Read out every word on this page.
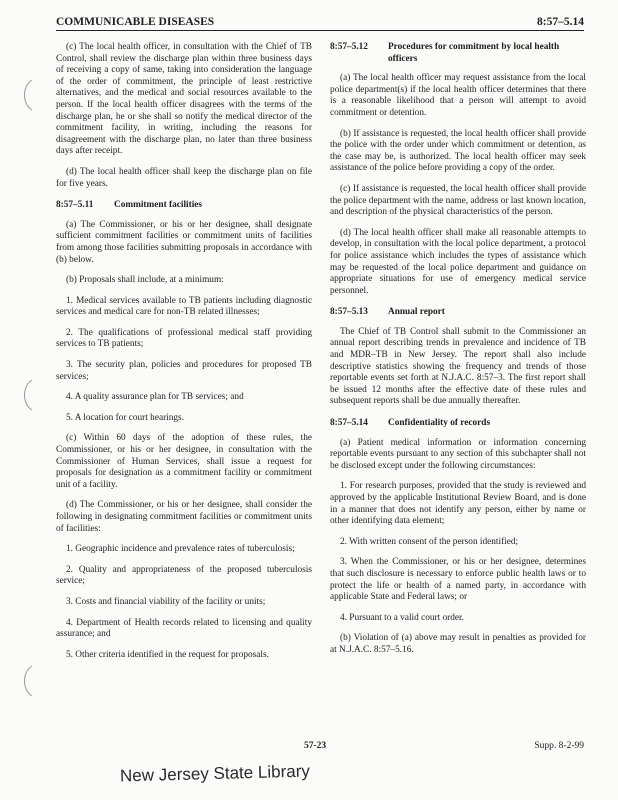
COMMUNICABLE DISEASES	8:57–5.14

(c) The local health officer, in consultation with the Chief of TB Control, shall review the discharge plan within three business days of receiving a copy of same, taking into consideration the language of the order of commitment, the principle of least restrictive alternatives, and the medical and social resources available to the person. If the local health officer disagrees with the terms of the discharge plan, he or she shall so notify the medical director of the commitment facility, in writing, including the reasons for disagreement with the discharge plan, no later than three business days after receipt.

(d) The local health officer shall keep the discharge plan on file for five years.

8:57–5.11	Commitment facilities

(a) The Commissioner, or his or her designee, shall designate sufficient commitment facilities or commitment units of facilities from among those facilities submitting proposals in accordance with (b) below.

(b) Proposals shall include, at a minimum:

1. Medical services available to TB patients including diagnostic services and medical care for non-TB related illnesses;

2. The qualifications of professional medical staff providing services to TB patients;

3. The security plan, policies and procedures for proposed TB services;

4. A quality assurance plan for TB services; and

5. A location for court hearings.

(c) Within 60 days of the adoption of these rules, the Commissioner, or his or her designee, in consultation with the Commissioner of Human Services, shall issue a request for proposals for designation as a commitment facility or commitment unit of a facility.

(d) The Commissioner, or his or her designee, shall consider the following in designating commitment facilities or commitment units of facilities:

1. Geographic incidence and prevalence rates of tuberculosis;

2. Quality and appropriateness of the proposed tuberculosis service;

3. Costs and financial viability of the facility or units;

4. Department of Health records related to licensing and quality assurance; and

5. Other criteria identified in the request for proposals.

8:57–5.12	Procedures for commitment by local health officers

(a) The local health officer may request assistance from the local police department(s) if the local health officer determines that there is a reasonable likelihood that a person will attempt to avoid commitment or detention.

(b) If assistance is requested, the local health officer shall provide the police with the order under which commitment or detention, as the case may be, is authorized. The local health officer may seek assistance of the police before providing a copy of the order.

(c) If assistance is requested, the local health officer shall provide the police department with the name, address or last known location, and description of the physical characteristics of the person.

(d) The local health officer shall make all reasonable attempts to develop, in consultation with the local police department, a protocol for police assistance which includes the types of assistance which may be requested of the local police department and guidance on appropriate situations for use of emergency medical service personnel.

8:57–5.13	Annual report

The Chief of TB Control shall submit to the Commissioner an annual report describing trends in prevalence and incidence of TB and MDR–TB in New Jersey. The report shall also include descriptive statistics showing the frequency and trends of those reportable events set forth at N.J.A.C. 8:57–3. The first report shall be issued 12 months after the effective date of these rules and subsequent reports shall be due annually thereafter.

8:57–5.14	Confidentiality of records

(a) Patient medical information or information concerning reportable events pursuant to any section of this subchapter shall not be disclosed except under the following circumstances:

1. For research purposes, provided that the study is reviewed and approved by the applicable Institutional Review Board, and is done in a manner that does not identify any person, either by name or other identifying data element;

2. With written consent of the person identified;

3. When the Commissioner, or his or her designee, determines that such disclosure is necessary to enforce public health laws or to protect the life or health of a named party, in accordance with applicable State and Federal laws; or

4. Pursuant to a valid court order.

(b) Violation of (a) above may result in penalties as provided for at N.J.A.C. 8:57–5.16.

57-23	Supp. 8-2-99
New Jersey State Library
